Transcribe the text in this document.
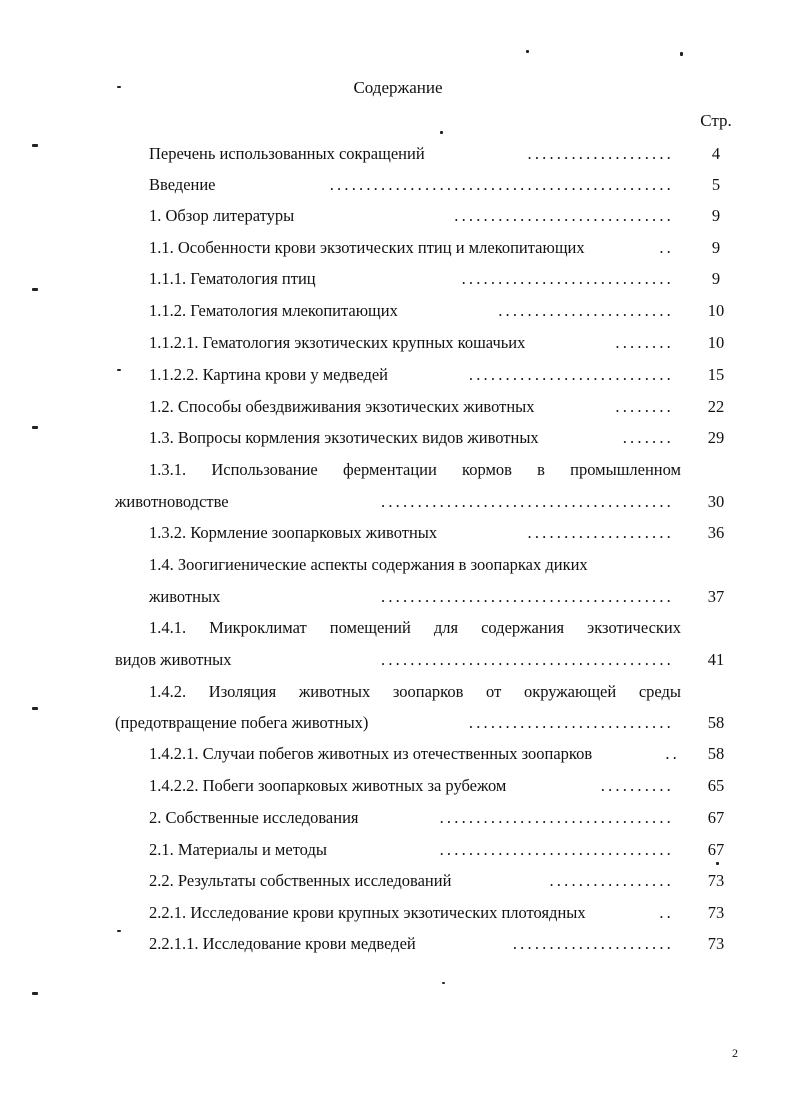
Содержание
Стр.
Перечень использованных сокращений	....................	4
Введение	...............................................	5
1. Обзор литературы	..............................	9
1.1. Особенности крови экзотических птиц и млекопитающих	..	9
1.1.1. Гематология птиц	.............................	9
1.1.2. Гематология млекопитающих	........................	10
1.1.2.1. Гематология экзотических крупных кошачьих	........	10
1.1.2.2. Картина крови у медведей	............................	15
1.2. Способы обездвиживания экзотических животных	........	22
1.3. Вопросы кормления экзотических видов животных	.......	29
1.3.1. Использование ферментации кормов в промышленном
животноводстве	........................................	30
1.3.2. Кормление зоопарковых животных	....................	36
1.4. Зоогигиенические аспекты содержания в зоопарках диких
животных	........................................	37
1.4.1. Микроклимат помещений для содержания экзотических
видов животных	........................................	41
1.4.2. Изоляция животных зоопарков от окружающей среды
(предотвращение побега животных)	............................	58
1.4.2.1. Случаи побегов животных из отечественных зоопарков	..	58
1.4.2.2. Побеги зоопарковых животных за рубежом	..........	65
2. Собственные исследования	................................	67
2.1. Материалы и методы	................................	67
2.2. Результаты собственных исследований	.................	73
2.2.1. Исследование крови крупных экзотических плотоядных	..	73
2.2.1.1. Исследование крови медведей	......................	73
2
